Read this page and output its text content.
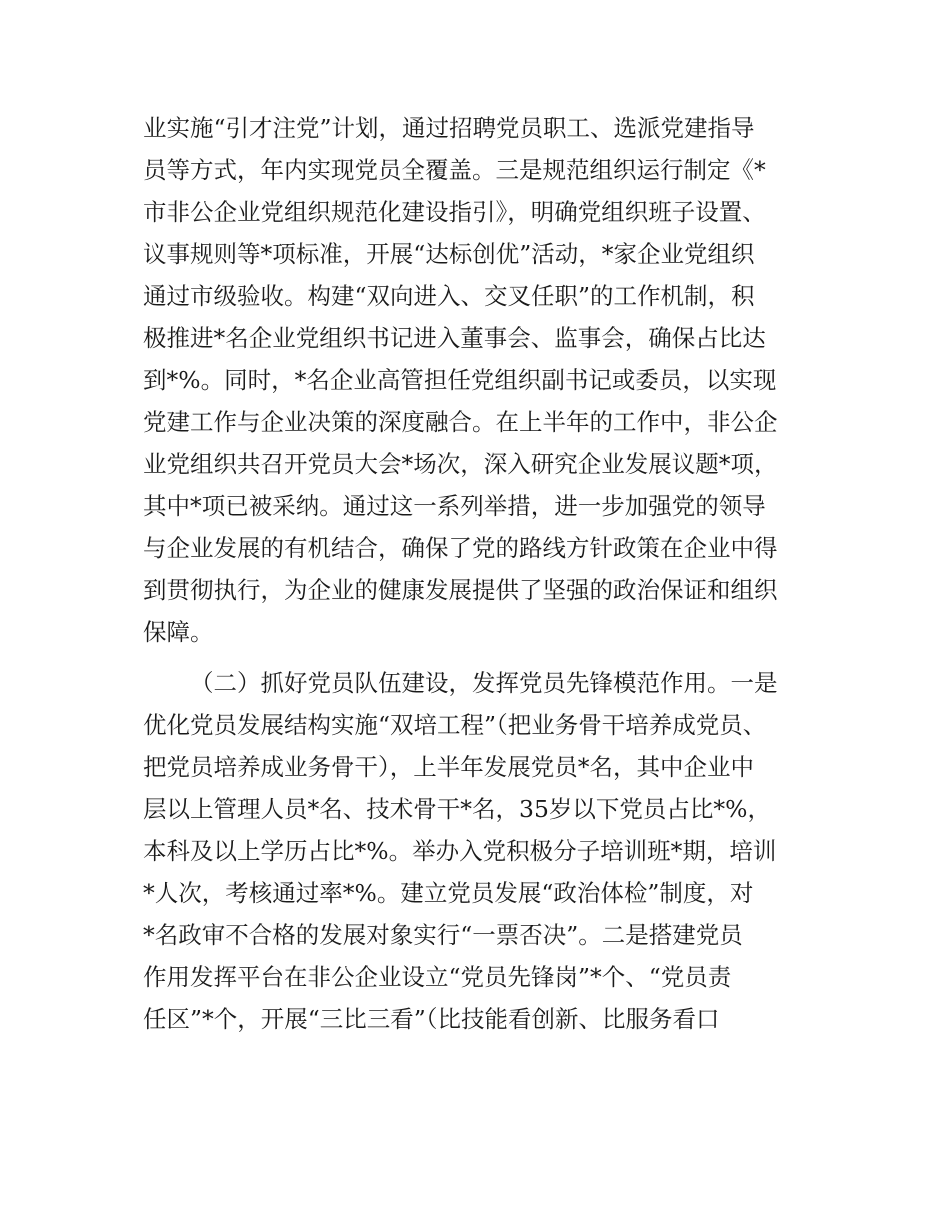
业实施“引才注党”计划，通过招聘党员职工、选派党建指导
员等方式，年内实现党员全覆盖。三是规范组织运行制定《*
市非公企业党组织规范化建设指引》，明确党组织班子设置、
议事规则等*项标准，开展“达标创优”活动，*家企业党组织
通过市级验收。构建“双向进入、交叉任职”的工作机制，积
极推进*名企业党组织书记进入董事会、监事会，确保占比达
到*%。同时，*名企业高管担任党组织副书记或委员，以实现
党建工作与企业决策的深度融合。在上半年的工作中，非公企
业党组织共召开党员大会*场次，深入研究企业发展议题*项，
其中*项已被采纳。通过这一系列举措，进一步加强党的领导
与企业发展的有机结合，确保了党的路线方针政策在企业中得
到贯彻执行，为企业的健康发展提供了坚强的政治保证和组织
保障。
（二）抓好党员队伍建设，发挥党员先锋模范作用。一是
优化党员发展结构实施“双培工程”（把业务骨干培养成党员、
把党员培养成业务骨干），上半年发展党员*名，其中企业中
层以上管理人员*名、技术骨干*名，35岁以下党员占比*%，
本科及以上学历占比*%。举办入党积极分子培训班*期，培训
*人次，考核通过率*%。建立党员发展“政治体检”制度，对
*名政审不合格的发展对象实行“一票否决”。二是搭建党员
作用发挥平台在非公企业设立“党员先锋岗”*个、“党员责
任区”*个，开展“三比三看”（比技能看创新、比服务看口
